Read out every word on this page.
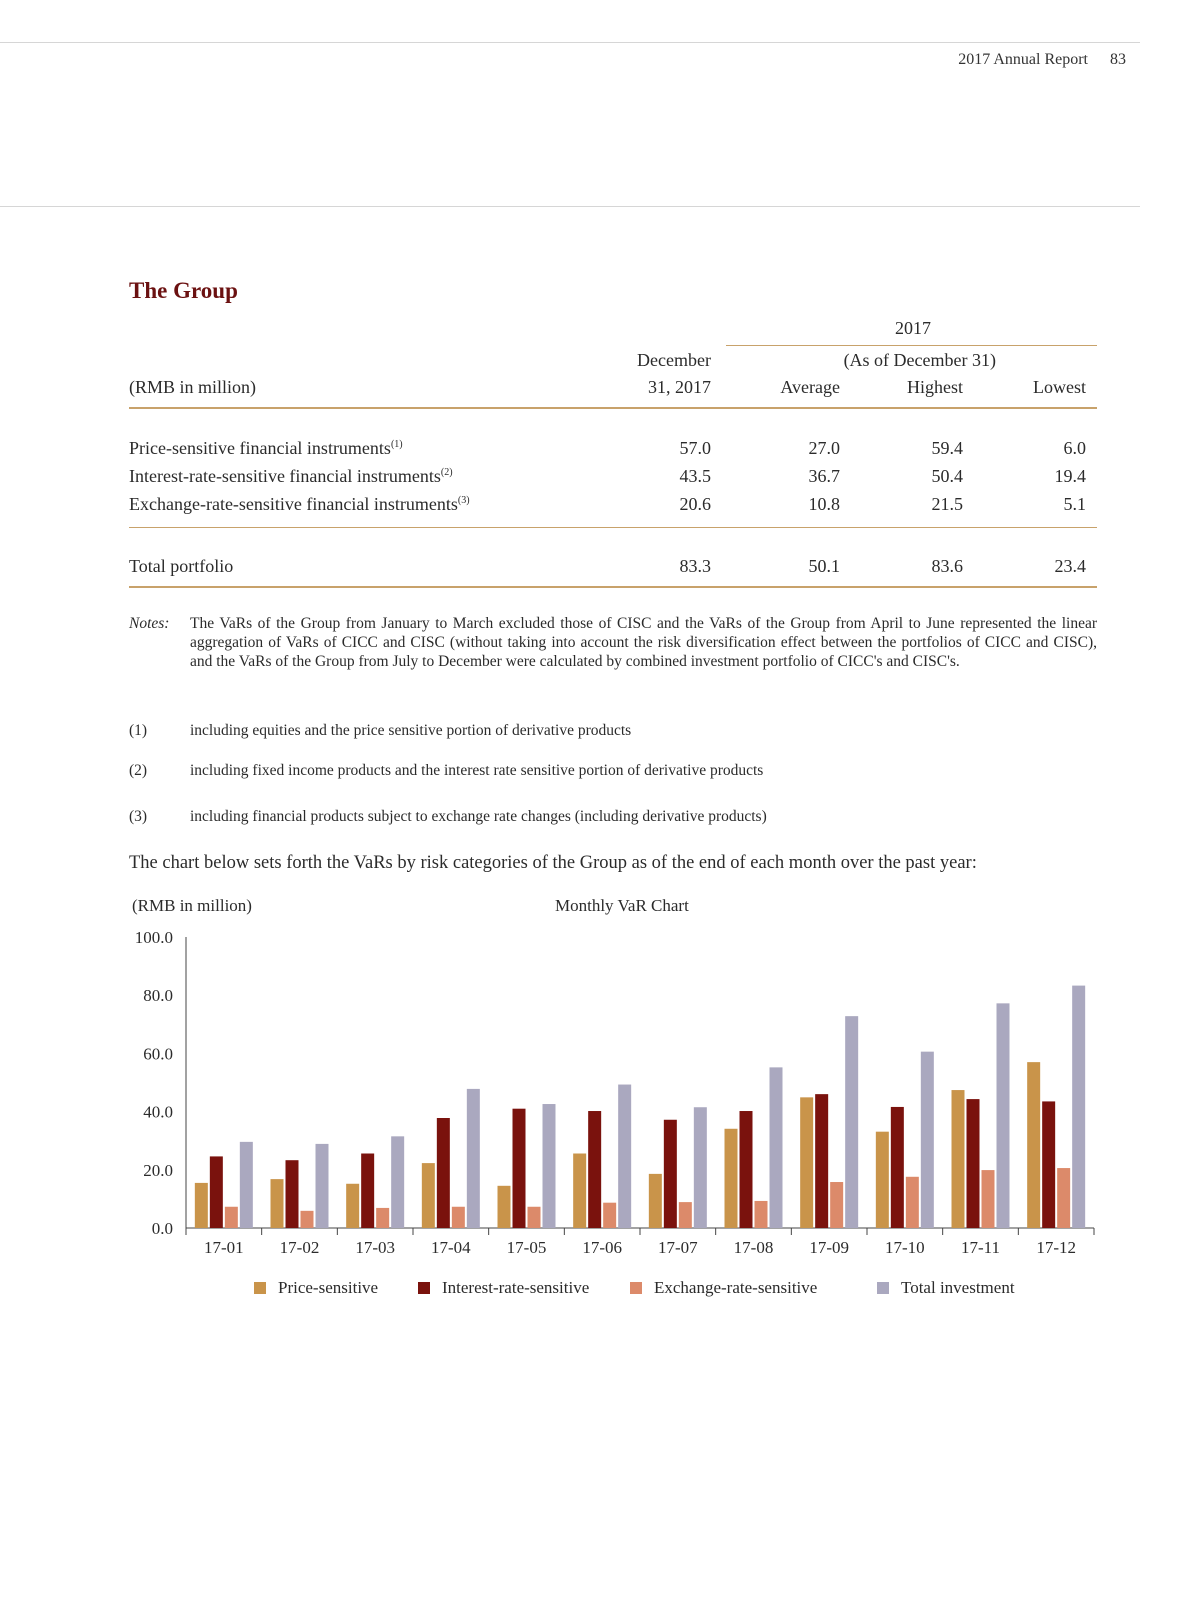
2017 Annual Report 83
The Group
2017
December	(As of December 31)
(RMB in million)	31, 2017	Average	Highest	Lowest
Price-sensitive financial instruments$^{(1)}$	57.0	27.0	59.4	6.0
Interest-rate-sensitive financial instruments$^{(2)}$	43.5	36.7	50.4	19.4
Exchange-rate-sensitive financial instruments$^{(3)}$	20.6	10.8	21.5	5.1
Total portfolio	83.3	50.1	83.6	23.4
Notes: The VaRs of the Group from January to March excluded those of CISC and the VaRs of the Group from April to June represented the linear aggregation of VaRs of CICC and CISC (without taking into account the risk diversification effect between the portfolios of CICC and CISC), and the VaRs of the Group from July to December were calculated by combined investment portfolio of CICC's and CISC's.
(1)	including equities and the price sensitive portion of derivative products
(2)	including fixed income products and the interest rate sensitive portion of derivative products
(3)	including financial products subject to exchange rate changes (including derivative products)
The chart below sets forth the VaRs by risk categories of the Group as of the end of each month over the past year:
(RMB in million)	Monthly VaR Chart
0.0
20.0
40.0
60.0
80.0
100.0
17-01 17-02 17-03 17-04 17-05 17-06 17-07 17-08 17-09 17-10 17-11 17-12
Price-sensitive	Interest-rate-sensitive	Exchange-rate-sensitive	Total investment
